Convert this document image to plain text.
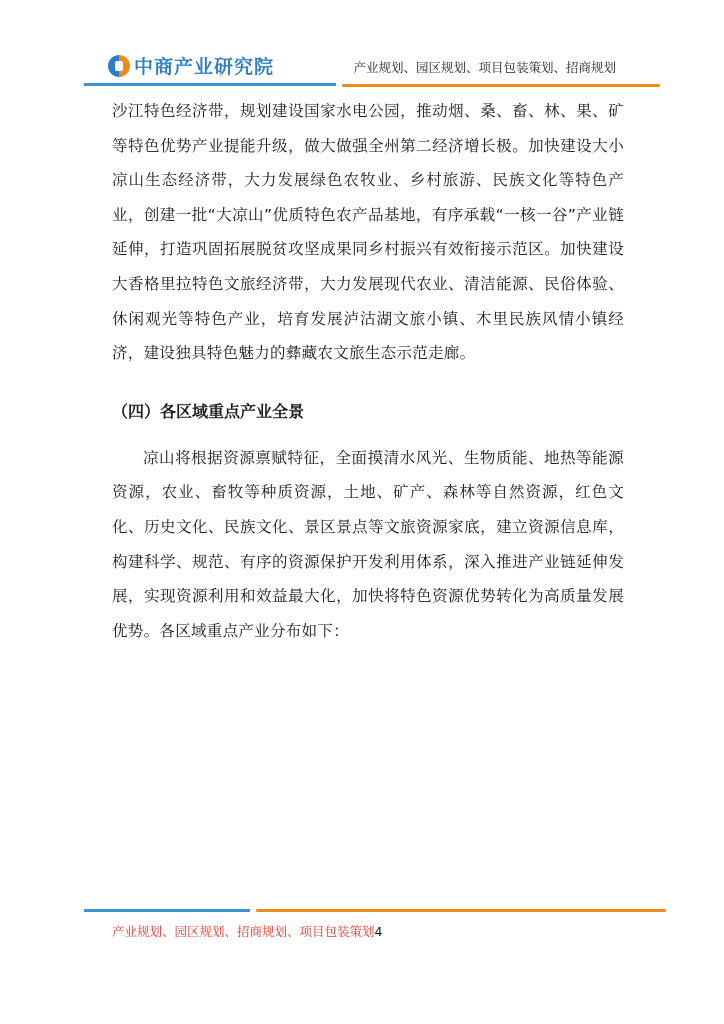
中商产业研究院	产业规划、园区规划、项目包装策划、招商规划

沙江特色经济带，规划建设国家水电公园，推动烟、桑、畜、林、果、矿等特色优势产业提能升级，做大做强全州第二经济增长极。加快建设大小凉山生态经济带，大力发展绿色农牧业、乡村旅游、民族文化等特色产业，创建一批“大凉山”优质特色农产品基地，有序承载“一核一谷”产业链延伸，打造巩固拓展脱贫攻坚成果同乡村振兴有效衔接示范区。加快建设大香格里拉特色文旅经济带，大力发展现代农业、清洁能源、民俗体验、休闲观光等特色产业，培育发展泸沽湖文旅小镇、木里民族风情小镇经济，建设独具特色魅力的彝藏农文旅生态示范走廊。

（四）各区域重点产业全景

凉山将根据资源禀赋特征，全面摸清水风光、生物质能、地热等能源资源，农业、畜牧等种质资源，土地、矿产、森林等自然资源，红色文化、历史文化、民族文化、景区景点等文旅资源家底，建立资源信息库，构建科学、规范、有序的资源保护开发利用体系，深入推进产业链延伸发展，实现资源利用和效益最大化，加快将特色资源优势转化为高质量发展优势。各区域重点产业分布如下：

产业规划、园区规划、招商规划、项目包装策划4
